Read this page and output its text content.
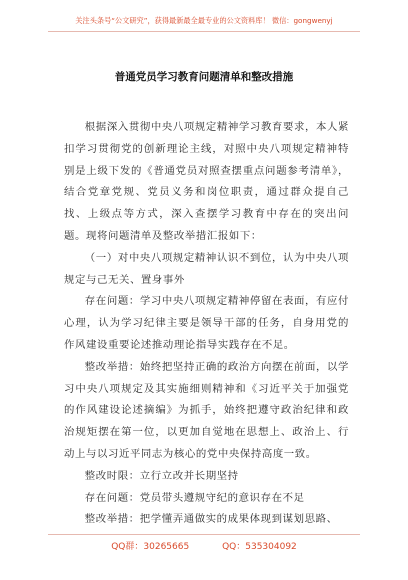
关注头条号“公文研究”，获得最新最全最专业的公文资料库！ 微信：gongwenyj
普通党员学习教育问题清单和整改措施

根据深入贯彻中央八项规定精神学习教育要求，本人紧扣学习贯彻党的创新理论主线，对照中央八项规定精神特别是上级下发的《普通党员对照查摆重点问题参考清单》，结合党章党规、党员义务和岗位职责，通过群众提自己找、上级点等方式，深入查摆学习教育中存在的突出问题。现将问题清单及整改举措汇报如下：

（一）对中央八项规定精神认识不到位，认为中央八项规定与己无关、置身事外

存在问题：学习中央八项规定精神停留在表面，有应付心理，认为学习纪律主要是领导干部的任务，自身用党的作风建设重要论述推动理论指导实践存在不足。

整改举措：始终把坚持正确的政治方向摆在前面，以学习中央八项规定及其实施细则精神和《习近平关于加强党的作风建设论述摘编》为抓手，始终把遵守政治纪律和政治规矩摆在第一位，以更加自觉地在思想上、政治上、行动上与以习近平同志为核心的党中央保持高度一致。

整改时限：立行立改并长期坚持

存在问题：党员带头遵规守纪的意识存在不足

整改举措：把学懂弄通做实的成果体现到谋划思路、

QQ群：30265665	QQ：535304092
